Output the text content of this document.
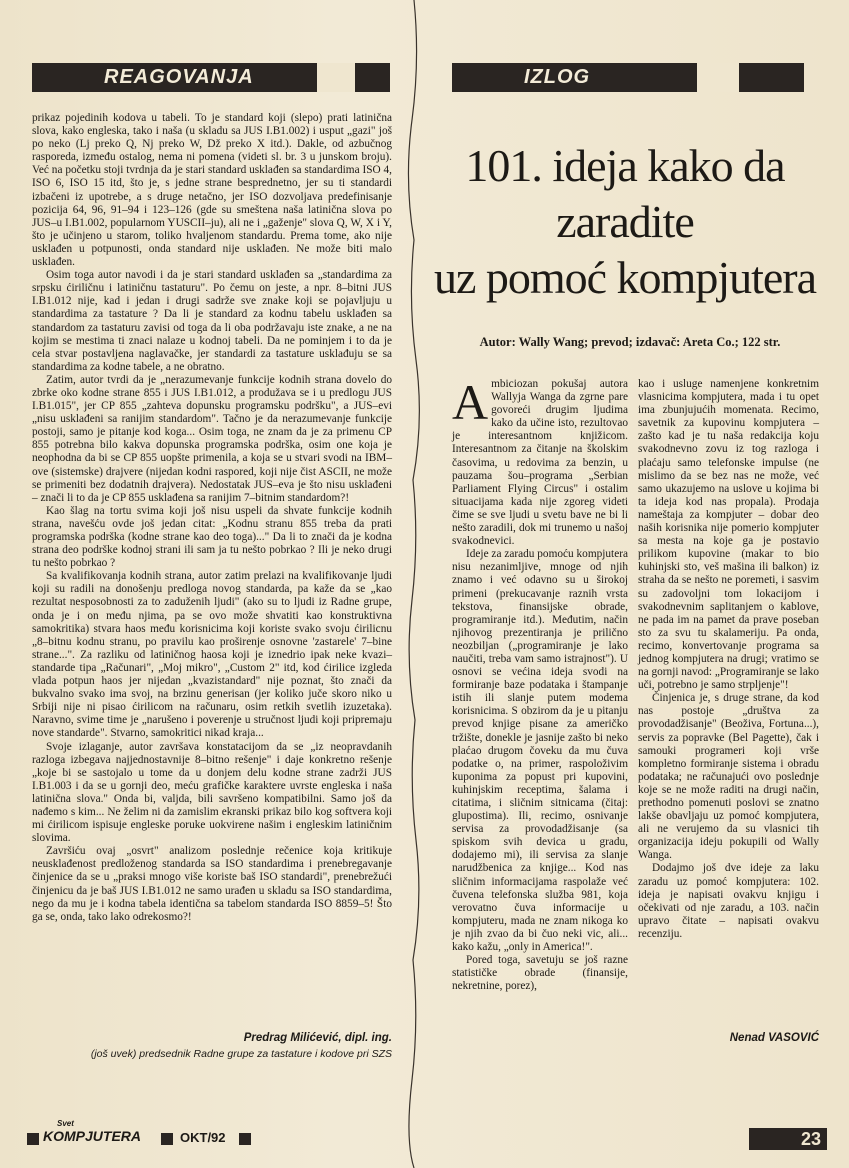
REAGOVANJA	IZLOG

prikaz pojedinih kodova u tabeli. To je standard koji (slepo) prati latinična slova, kako engleska, tako i naša (u skladu sa JUS I.B1.002) i usput „gazi" još po neko (Lj preko Q, Nj preko W, Dž preko X itd.). Dakle, od azbučnog rasporeda, između ostalog, nema ni pomena (videti sl. br. 3 u junskom broju). Već na početku stoji tvrdnja da je stari standard usklađen sa standardima ISO 4, ISO 6, ISO 15 itd, što je, s jedne strane besprednetno, jer su ti standardi izbačeni iz upotrebe, a s druge netačno, jer ISO dozvoljava predefinisanje pozicija 64, 96, 91–94 i 123–126 (gde su smeštena naša latinična slova po JUS–u I.B1.002, popularnom YUSCII–ju), ali ne i „gaženje" slova Q, W, X i Y, što je učinjeno u starom, toliko hvaljenom standardu. Prema tome, ako nije usklađen u potpunosti, onda standard nije usklađen. Ne može biti malo usklađen.

Osim toga autor navodi i da je stari standard usklađen sa „standardima za srpsku ćiriličnu i latiničnu tastaturu". Po čemu on jeste, a npr. 8–bitni JUS I.B1.012 nije, kad i jedan i drugi sadrže sve znake koji se pojavljuju u standardima za tastature ? Da li je standard za kodnu tabelu usklađen sa standardom za tastaturu zavisi od toga da li oba podržavaju iste znake, a ne na kojim se mestima ti znaci nalaze u kodnoj tabeli. Da ne pominjem i to da je cela stvar postavljena naglavačke, jer standardi za tastature usklađuju se sa standardima za kodne tabele, a ne obratno.

Zatim, autor tvrdi da je „nerazumevanje funkcije kodnih strana dovelo do zbrke oko kodne strane 855 i JUS I.B1.012, a produžava se i u predlogu JUS I.B1.015", jer CP 855 „zahteva dopunsku programsku podršku", a JUS–evi „nisu usklađeni sa ranijim standardom". Tačno je da nerazumevanje funkcije postoji, samo je pitanje kod koga... Osim toga, ne znam da je za primenu CP 855 potrebna bilo kakva dopunska programska podrška, osim one koja je neophodna da bi se CP 855 uopšte primenila, a koja se u stvari svodi na IBM–ove (sistemske) drajvere (nijedan kodni raspored, koji nije čist ASCII, ne može se primeniti bez dodatnih drajvera). Nedostatak JUS–eva je što nisu usklađeni – znači li to da je CP 855 usklađena sa ranijim 7–bitnim standardom?!

Kao šlag na tortu svima koji još nisu uspeli da shvate funkcije kodnih strana, navešću ovde još jedan citat: „Kodnu stranu 855 treba da prati programska podrška (kodne strane kao deo toga)..." Da li to znači da je kodna strana deo podrške kodnoj strani ili sam ja tu nešto pobrkao ? Ili je neko drugi tu nešto pobrkao ?

Sa kvalifikovanja kodnih strana, autor zatim prelazi na kvalifikovanje ljudi koji su radili na donošenju predloga novog standarda, pa kaže da se „kao rezultat nesposobnosti za to zaduženih ljudi" (ako su to ljudi iz Radne grupe, onda je i on među njima, pa se ovo može shvatiti kao konstruktivna samokritika) stvara haos među korisnicima koji koriste svako svoju ćirilicnu „8–bitnu kodnu stranu, po pravilu kao proširenje osnovne 'zastarele' 7–bine strane...". Za razliku od latiničnog haosa koji je iznedrio ipak neke kvazi–standarde tipa „Računari", „Moj mikro", „Custom 2" itd, kod ćirilice izgleda vlada potpun haos jer nijedan „kvazistandard" nije poznat, što znači da bukvalno svako ima svoj, na brzinu generisan (jer koliko juče skoro niko u Srbiji nije ni pisao ćirilicom na računaru, osim retkih svetlih izuzetaka). Naravno, svime time je „narušeno i poverenje u stručnost ljudi koji pripremaju nove standarde". Stvarno, samokritici nikad kraja...

Svoje izlaganje, autor završava konstatacijom da se „iz neopravdanih razloga izbegava najjednostavnije 8–bitno rešenje" i daje konkretno rešenje „koje bi se sastojalo u tome da u donjem delu kodne strane zadrži JUS I.B1.003 i da se u gornji deo, meću grafičke karaktere uvrste engleska i naša latinična slova." Onda bi, valjda, bili savršeno kompatibilni. Samo još da nađemo s kim... Ne želim ni da zamislim ekranski prikaz bilo kog softvera koji mi ćirilicom ispisuje engleske poruke uokvirene našim i engleskim latiničnim slovima.

Završiću ovaj „osvrt" analizom poslednje rečenice koja kritikuje neusklađenost predloženog standarda sa ISO standardima i prenebregavanje činjenice da se u „praksi mnogo više koriste baš ISO standardi", prenebrežući činjenicu da je baš JUS I.B1.012 ne samo urađen u skladu sa ISO standardima, nego da mu je i kodna tabela identična sa tabelom standarda ISO 8859–5! Što ga se, onda, tako lako odrekosmo?!

Predrag Milićević, dipl. ing.
(još uvek) predsednik Radne grupe za tastature i kodove pri SZS
101. ideja kako da
zaradite
uz pomoć kompjutera
Autor: Wally Wang; prevod; izdavač: Areta Co.; 122 str.

Ambiciozan pokušaj autora Wallyja Wanga da zgrne pare govoreći drugim ljudima kako da učine isto, rezultovao je interesantnom knjižicom. Interesantnom za čitanje na školskim časovima, u redovima za benzin, u pauzama šou–programa „Serbian Parliament Flying Circus" i ostalim situacijama kada nije zgoreg videti čime se sve ljudi u svetu bave ne bi li nešto zaradili, dok mi trunemo u našoj svakodnevici.

Ideje za zaradu pomoću kompjutera nisu nezanimljive, mnoge od njih znamo i već odavno su u širokoj primeni (prekucavanje raznih vrsta tekstova, finansijske obrade, programiranje itd.). Međutim, način njihovog prezentiranja je prilično neozbiljan („programiranje je lako naučiti, treba vam samo istrajnost"). U osnovi se većina ideja svodi na formiranje baze podataka i štampanje istih ili slanje putem modema korisnicima. S obzirom da je u pitanju prevod knjige pisane za američko tržište, donekle je jasnije zašto bi neko plaćao drugom čoveku da mu čuva podatke o, na primer, raspoloživim kuponima za popust pri kupovini, kuhinjskim receptima, šalama i citatima, i sličnim sitnicama (čitaj: glupostima). Ili, recimo, osnivanje servisa za provodadžisanje (sa spiskom svih devica u gradu, dodajemo mi), ili servisa za slanje narudžbenica za knjige... Kod nas sličnim informacijama raspolaže već čuvena telefonska služba 981, koja verovatno čuva informacije u kompjuteru, mada ne znam nikoga ko je njih zvao da bi čuo neki vic, ali... kako kažu, „only in America!".

Pored toga, savetuju se još razne statističke obrade (finansije, nekretnine, porez),

kao i usluge namenjene konkretnim vlasnicima kompjutera, mada i tu opet ima zbunjujućih momenata. Recimo, savetnik za kupovinu kompjutera – zašto kad je tu naša redakcija koju svakodnevno zovu iz tog razloga i plaćaju samo telefonske impulse (ne mislimo da se bez nas ne može, već samo ukazujemo na uslove u kojima bi ta ideja kod nas propala). Prodaja nameštaja za kompjuter – dobar deo naših korisnika nije pomerio kompjuter sa mesta na koje ga je postavio prilikom kupovine (makar to bio kuhinjski sto, veš mašina ili balkon) iz straha da se nešto ne poremeti, i sasvim su zadovoljni tom lokacijom i svakodnevnim saplitanjem o kablove, ne pada im na pamet da prave poseban sto za svu tu skalameriju. Pa onda, recimo, konvertovanje programa sa jednog kompjutera na drugi; vratimo se na gornji navod: „Programiranje se lako uči, potrebno je samo strpljenje"!

Činjenica je, s druge strane, da kod nas postoje „društva za provodadžisanje" (Beoživa, Fortuna...), servis za popravke (Bel Pagette), čak i samouki programeri koji vrše kompletno formiranje sistema i obradu podataka; ne računajući ovo poslednje koje se ne može raditi na drugi način, prethodno pomenuti poslovi se znatno lakše obavljaju uz pomoć kompjutera, ali ne verujemo da su vlasnici tih organizacija ideju pokupili od Wally Wanga.

Dodajmo još dve ideje za laku zaradu uz pomoć kompjutera: 102. ideja je napisati ovakvu knjigu i očekivati od nje zaradu, a 103. način upravo čitate – napisati ovakvu recenziju.

Nenad VASOVIĆ
Svet
KOMPJUTERA	OKT/92	23
